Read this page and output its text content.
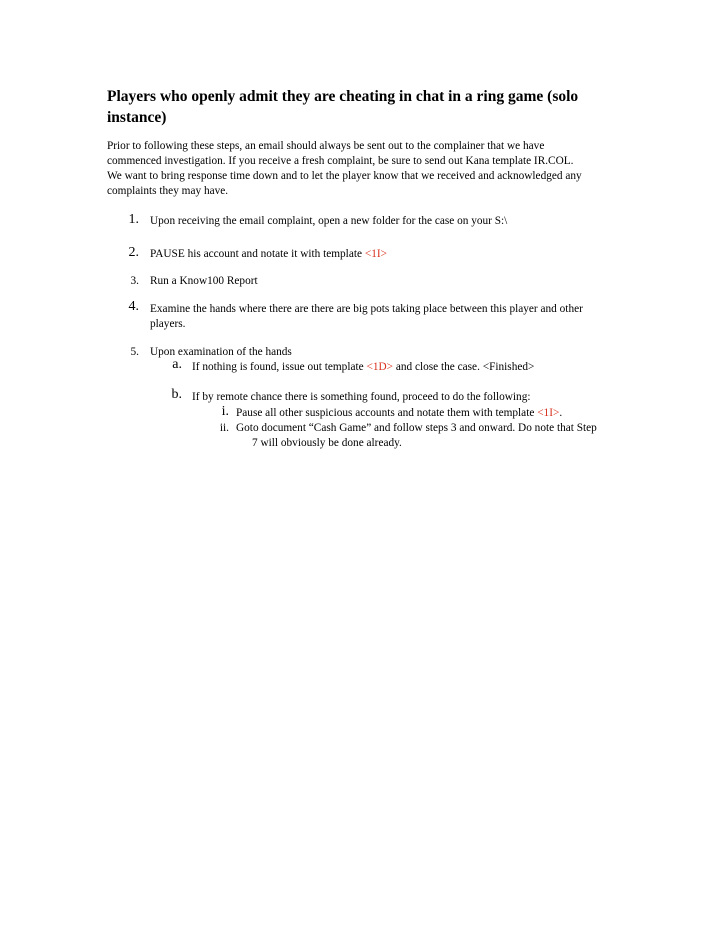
Players who openly admit they are cheating in chat in a ring game (solo instance)
Prior to following these steps, an email should always be sent out to the complainer that we have
commenced investigation. If you receive a fresh complaint, be sure to send out Kana template IR.COL.
We want to bring response time down and to let the player know that we received and acknowledged any
complaints they may have.
1. Upon receiving the email complaint, open a new folder for the case on your S:\
2. PAUSE his account and notate it with template <1I>
3. Run a Know100 Report
4. Examine the hands where there are there are big pots taking place between this player and other
players.
5. Upon examination of the hands
a. If nothing is found, issue out template <1D> and close the case. <Finished>
b. If by remote chance there is something found, proceed to do the following:
i. Pause all other suspicious accounts and notate them with template <1I>.
ii. Goto document “Cash Game” and follow steps 3 and onward. Do note that Step
7 will obviously be done already.
